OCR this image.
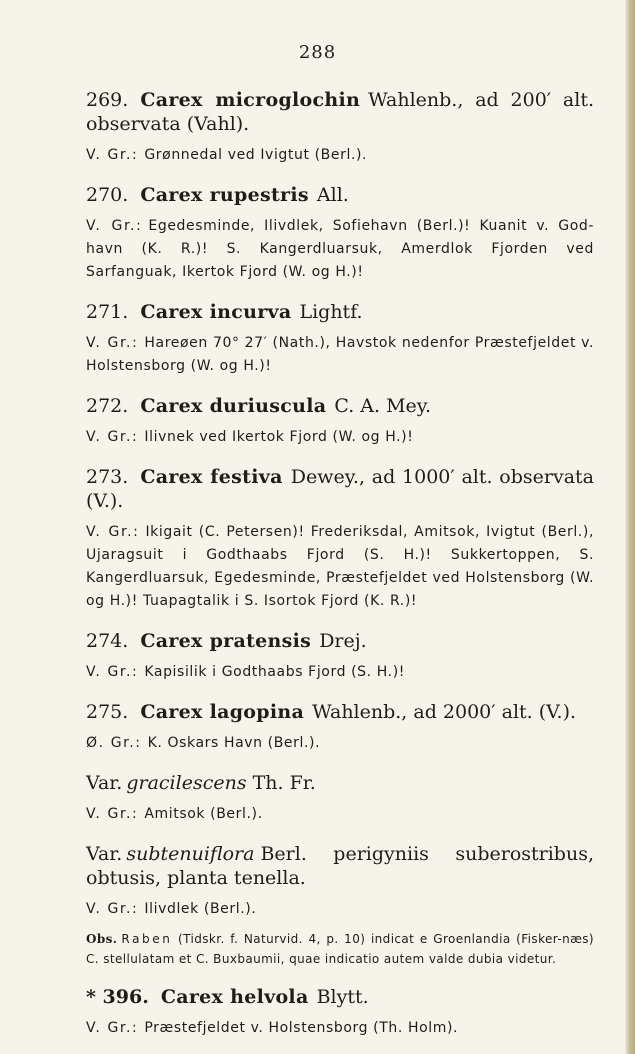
288
269. Carex microglochin Wahlenb., ad 200′ alt. observata (Vahl).
V. Gr.: Grønnedal ved Ivigtut (Berl.).
270. Carex rupestris All.
V. Gr.: Egedesminde, Ilivdlek, Sofiehavn (Berl.)! Kuanit v. God-havn (K. R.)! S. Kangerdluarsuk, Amerdlok Fjorden ved Sarfanguak, Ikertok Fjord (W. og H.)!
271. Carex incurva Lightf.
V. Gr.: Hareøen 70° 27′ (Nath.), Havstok nedenfor Præstefjeldet v. Holstensborg (W. og H.)!
272. Carex duriuscula C. A. Mey.
V. Gr.: Ilivnek ved Ikertok Fjord (W. og H.)!
273. Carex festiva Dewey., ad 1000′ alt. observata (V.).
V. Gr.: Ikigait (C. Petersen)! Frederiksdal, Amitsok, Ivigtut (Berl.), Ujaragsuit i Godthaabs Fjord (S. H.)! Sukkertoppen, S. Kangerdluarsuk, Egedesminde, Præstefjeldet ved Holstensborg (W. og H.)! Tuapagtalik i S. Isortok Fjord (K. R.)!
274. Carex pratensis Drej.
V. Gr.: Kapisilik i Godthaabs Fjord (S. H.)!
275. Carex lagopina Wahlenb., ad 2000′ alt. (V.).
Ø. Gr.: K. Oskars Havn (Berl.).
Var. gracilescens Th. Fr.
V. Gr.: Amitsok (Berl.).
Var. subtenuiflora Berl. perigyniis suberostribus, obtusis, planta tenella.
V. Gr.: Ilivdlek (Berl.).
Obs. Raben (Tidskr. f. Naturvid. 4, p. 10) indicat e Groenlandia (Fisker-næs) C. stellulatam et C. Buxbaumii, quae indicatio autem valde dubia videtur.
* 396. Carex helvola Blytt.
V. Gr.: Præstefjeldet v. Holstensborg (Th. Holm).
